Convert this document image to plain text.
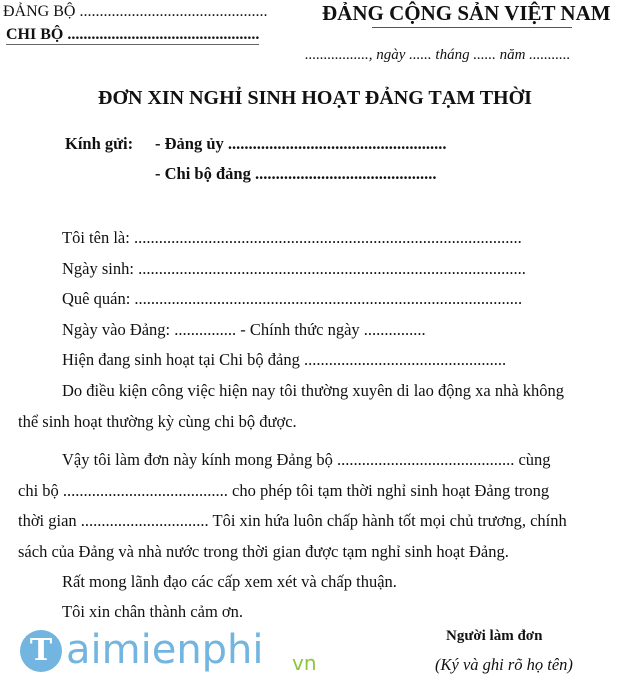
T aimienphi vn
ĐẢNG BỘ ...............................................
CHI BỘ ................................................
ĐẢNG CỘNG SẢN VIỆT NAM
................., ngày ...... tháng ...... năm ...........
ĐƠN XIN NGHỈ SINH HOẠT ĐẢNG TẠM THỜI
Kính gửi: - Đảng ủy .....................................................
- Chi bộ đảng ............................................
Tôi tên là: ..............................................................................................
Ngày sinh: ..............................................................................................
Quê quán: ..............................................................................................
Ngày vào Đảng: ............... - Chính thức ngày ...............
Hiện đang sinh hoạt tại Chi bộ đảng .................................................
Do điều kiện công việc hiện nay tôi thường xuyên di lao động xa nhà không
thể sinh hoạt thường kỳ cùng chi bộ được.
Vậy tôi làm đơn này kính mong Đảng bộ ........................................... cùng
chi bộ ........................................ cho phép tôi tạm thời nghỉ sinh hoạt Đảng trong
thời gian ............................... Tôi xin hứa luôn chấp hành tốt mọi chủ trương, chính
sách của Đảng và nhà nước trong thời gian được tạm nghỉ sinh hoạt Đảng.
Rất mong lãnh đạo các cấp xem xét và chấp thuận.
Tôi xin chân thành cảm ơn.
Người làm đơn
(Ký và ghi rõ họ tên)
